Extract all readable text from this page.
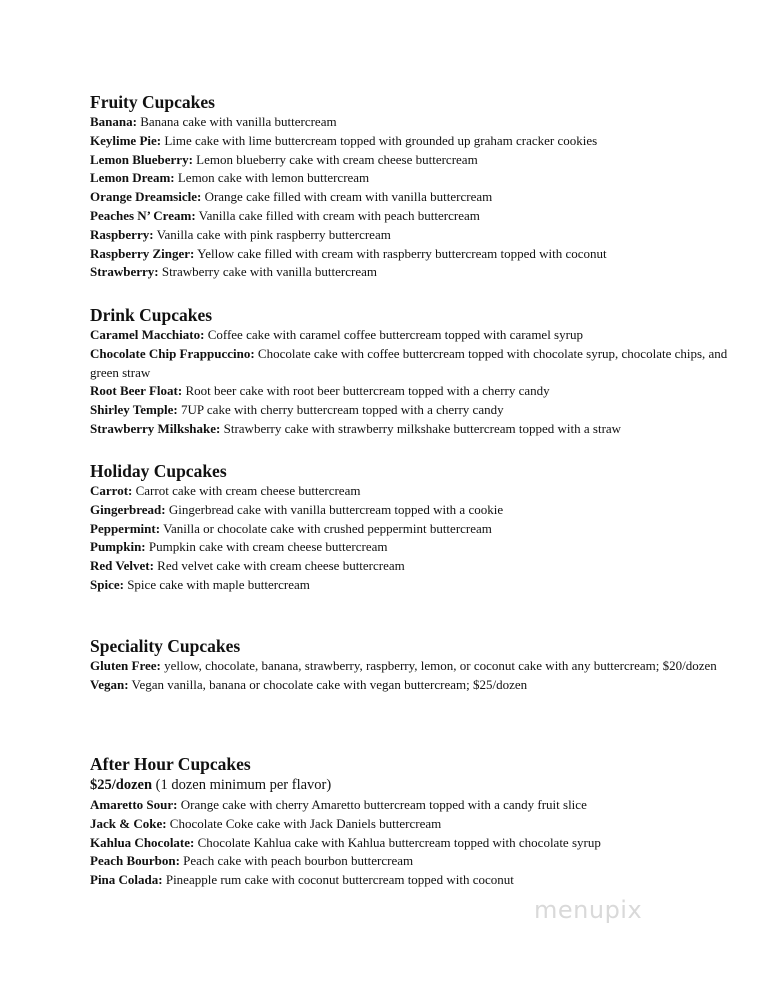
Fruity Cupcakes

Banana: Banana cake with vanilla buttercream

Keylime Pie: Lime cake with lime buttercream topped with grounded up graham cracker cookies

Lemon Blueberry: Lemon blueberry cake with cream cheese buttercream

Lemon Dream: Lemon cake with lemon buttercream

Orange Dreamsicle: Orange cake filled with cream with vanilla buttercream

Peaches N’ Cream: Vanilla cake filled with cream with peach buttercream

Raspberry: Vanilla cake with pink raspberry buttercream

Raspberry Zinger: Yellow cake filled with cream with raspberry buttercream topped with coconut

Strawberry: Strawberry cake with vanilla buttercream

Drink Cupcakes

Caramel Macchiato: Coffee cake with caramel coffee buttercream topped with caramel syrup

Chocolate Chip Frappuccino: Chocolate cake with coffee buttercream topped with chocolate syrup, chocolate chips, and green straw

Root Beer Float: Root beer cake with root beer buttercream topped with a cherry candy

Shirley Temple: 7UP cake with cherry buttercream topped with a cherry candy

Strawberry Milkshake: Strawberry cake with strawberry milkshake buttercream topped with a straw

Holiday Cupcakes

Carrot: Carrot cake with cream cheese buttercream

Gingerbread: Gingerbread cake with vanilla buttercream topped with a cookie

Peppermint: Vanilla or chocolate cake with crushed peppermint buttercream

Pumpkin: Pumpkin cake with cream cheese buttercream

Red Velvet: Red velvet cake with cream cheese buttercream

Spice: Spice cake with maple buttercream

Speciality Cupcakes

Gluten Free: yellow, chocolate, banana, strawberry, raspberry, lemon, or coconut cake with any buttercream; $20/dozen

Vegan: Vegan vanilla, banana or chocolate cake with vegan buttercream; $25/dozen

After Hour Cupcakes
$25/dozen (1 dozen minimum per flavor)

Amaretto Sour: Orange cake with cherry Amaretto buttercream topped with a candy fruit slice

Jack & Coke: Chocolate Coke cake with Jack Daniels buttercream

Kahlua Chocolate: Chocolate Kahlua cake with Kahlua buttercream topped with chocolate syrup

Peach Bourbon: Peach cake with peach bourbon buttercream

Pina Colada: Pineapple rum cake with coconut buttercream topped with coconut

menupix
